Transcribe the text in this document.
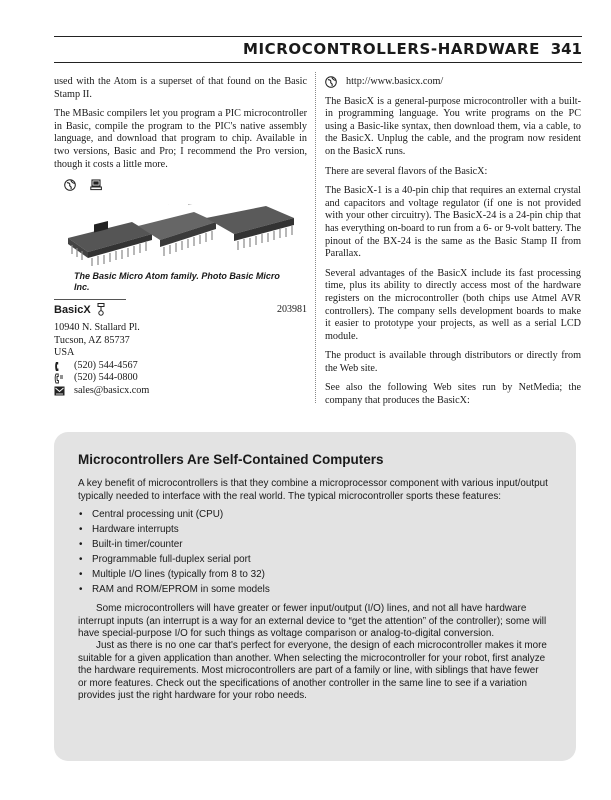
MICROCONTROLLERS-HARDWARE 341

used with the Atom is a superset of that found on the Basic Stamp II.

The MBasic compilers let you program a PIC microcontroller in Basic, compile the program to the PIC's native assembly language, and download that program to chip. Available in two versions, Basic and Pro; I recommend the Pro version, though it costs a little more.

The Basic Micro Atom family. Photo Basic Micro Inc.
BasicX	203981
10940 N. Stallard Pl.
Tucson, AZ 85737
USA
(520) 544-4567
(520) 544-0800
sales@basicx.com

http://www.basicx.com/

The BasicX is a general-purpose microcontroller with a built-in programming language. You write programs on the PC using a Basic-like syntax, then download them, via a cable, to the BasicX. Unplug the cable, and the program now resident on the BasicX runs.

There are several flavors of the BasicX:

The BasicX-1 is a 40-pin chip that requires an external crystal and capacitors and voltage regulator (if one is not provided with your other circuitry). The BasicX-24 is a 24-pin chip that has everything on-board to run from a 6- or 9-volt battery. The pinout of the BX-24 is the same as the Basic Stamp II from Parallax.

Several advantages of the BasicX include its fast processing time, plus its ability to directly access most of the hardware registers on the microcontroller (both chips use Atmel AVR controllers). The company sells development boards to make it easier to prototype your projects, as well as a serial LCD module.

The product is available through distributors or directly from the Web site.

See also the following Web sites run by NetMedia; the company that produces the BasicX:

Microcontrollers Are Self-Contained Computers

A key benefit of microcontrollers is that they combine a microprocessor component with various input/output typically needed to interface with the real world. The typical microcontroller sports these features:

• Central processing unit (CPU)
• Hardware interrupts
• Built-in timer/counter
• Programmable full-duplex serial port
• Multiple I/O lines (typically from 8 to 32)
• RAM and ROM/EPROM in some models

Some microcontrollers will have greater or fewer input/output (I/O) lines, and not all have hardware interrupt inputs (an interrupt is a way for an external device to “get the attention” of the controller); some will have special-purpose I/O for such things as voltage comparison or analog-to-digital conversion.

Just as there is no one car that's perfect for everyone, the design of each microcontroller makes it more suitable for a given application than another. When selecting the microcontroller for your robot, first analyze the hardware requirements. Most microcontrollers are part of a family or line, with siblings that have fewer or more features. Check out the specifications of another controller in the same line to see if a variation provides just the right hardware for your robo needs.
